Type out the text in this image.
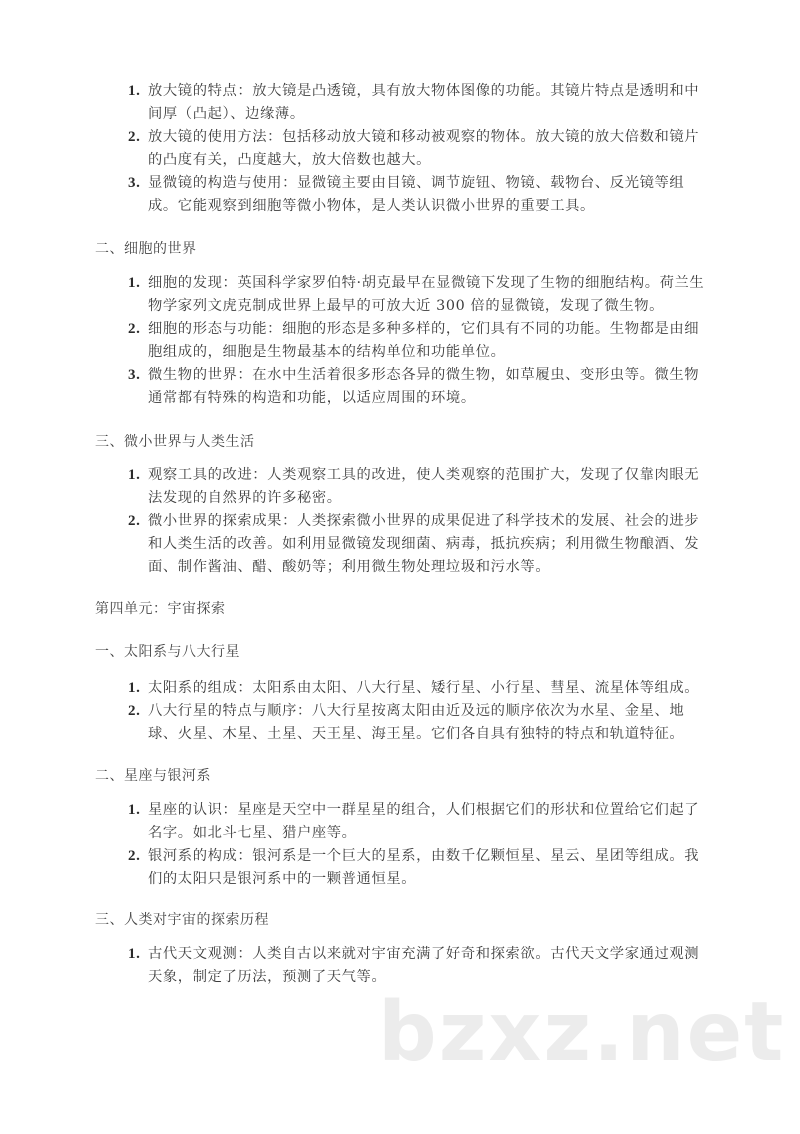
1. 放大镜的特点：放大镜是凸透镜，具有放大物体图像的功能。其镜片特点是透明和中间厚（凸起）、边缘薄。
2. 放大镜的使用方法：包括移动放大镜和移动被观察的物体。放大镜的放大倍数和镜片的凸度有关，凸度越大，放大倍数也越大。
3. 显微镜的构造与使用：显微镜主要由目镜、调节旋钮、物镜、载物台、反光镜等组成。它能观察到细胞等微小物体，是人类认识微小世界的重要工具。
二、细胞的世界
1. 细胞的发现：英国科学家罗伯特·胡克最早在显微镜下发现了生物的细胞结构。荷兰生物学家列文虎克制成世界上最早的可放大近 300 倍的显微镜，发现了微生物。
2. 细胞的形态与功能：细胞的形态是多种多样的，它们具有不同的功能。生物都是由细胞组成的，细胞是生物最基本的结构单位和功能单位。
3. 微生物的世界：在水中生活着很多形态各异的微生物，如草履虫、变形虫等。微生物通常都有特殊的构造和功能，以适应周围的环境。
三、微小世界与人类生活
1. 观察工具的改进：人类观察工具的改进，使人类观察的范围扩大，发现了仅靠肉眼无法发现的自然界的许多秘密。
2. 微小世界的探索成果：人类探索微小世界的成果促进了科学技术的发展、社会的进步和人类生活的改善。如利用显微镜发现细菌、病毒，抵抗疾病；利用微生物酿酒、发面、制作酱油、醋、酸奶等；利用微生物处理垃圾和污水等。
第四单元：宇宙探索
一、太阳系与八大行星
1. 太阳系的组成：太阳系由太阳、八大行星、矮行星、小行星、彗星、流星体等组成。
2. 八大行星的特点与顺序：八大行星按离太阳由近及远的顺序依次为水星、金星、地球、火星、木星、土星、天王星、海王星。它们各自具有独特的特点和轨道特征。
二、星座与银河系
1. 星座的认识：星座是天空中一群星星的组合，人们根据它们的形状和位置给它们起了名字。如北斗七星、猎户座等。
2. 银河系的构成：银河系是一个巨大的星系，由数千亿颗恒星、星云、星团等组成。我们的太阳只是银河系中的一颗普通恒星。
三、人类对宇宙的探索历程
1. 古代天文观测：人类自古以来就对宇宙充满了好奇和探索欲。古代天文学家通过观测天象，制定了历法，预测了天气等。
bzxz.net
